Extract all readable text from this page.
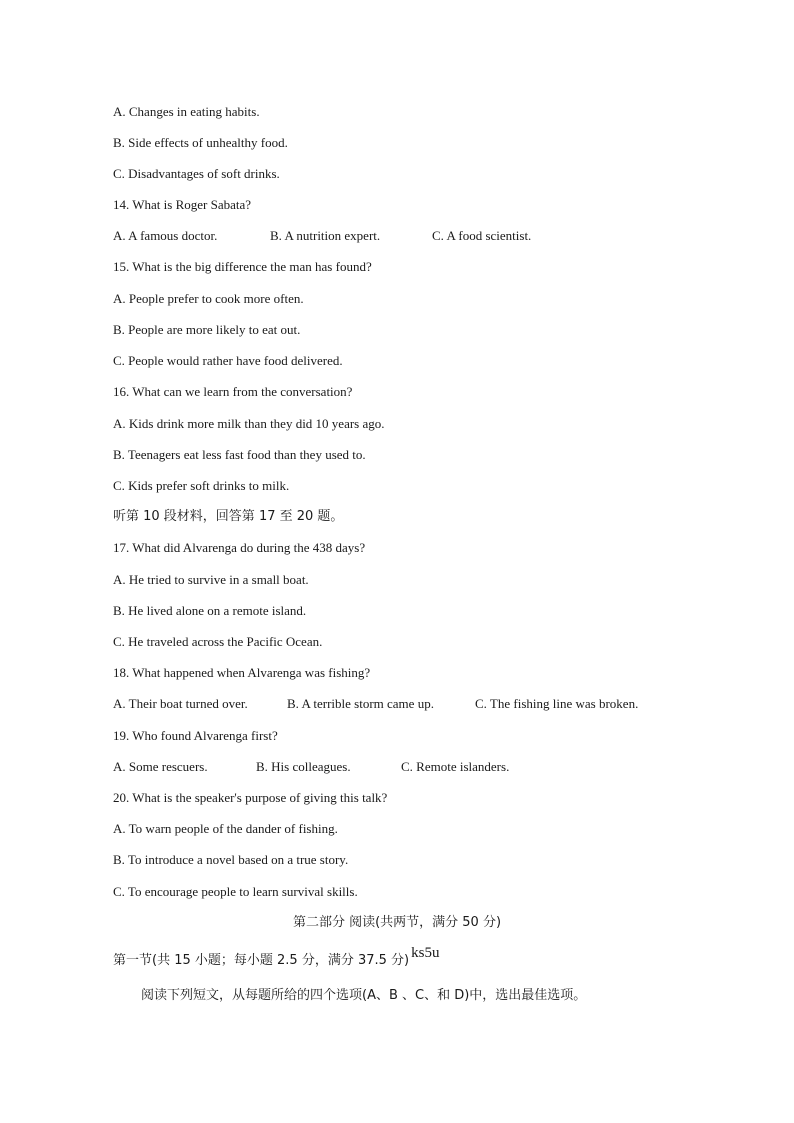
A. Changes in eating habits.
B. Side effects of unhealthy food.
C. Disadvantages of soft drinks.
14. What is Roger Sabata?
A. A famous doctor.	B. A nutrition expert.	C. A food scientist.
15. What is the big difference the man has found?
A. People prefer to cook more often.
B. People are more likely to eat out.
C. People would rather have food delivered.
16. What can we learn from the conversation?
A. Kids drink more milk than they did 10 years ago.
B. Teenagers eat less fast food than they used to.
C. Kids prefer soft drinks to milk.
听第 10 段材料，回答第 17 至 20 题。
17. What did Alvarenga do during the 438 days?
A. He tried to survive in a small boat.
B. He lived alone on a remote island.
C. He traveled across the Pacific Ocean.
18. What happened when Alvarenga was fishing?
A. Their boat turned over.	B. A terrible storm came up.	C. The fishing line was broken.
19. Who found Alvarenga first?
A. Some rescuers.	B. His colleagues.	C. Remote islanders.
20. What is the speaker's purpose of giving this talk?
A. To warn people of the dander of fishing.
B. To introduce a novel based on a true story.
C. To encourage people to learn survival skills.
第二部分 阅读(共两节，满分 50 分)
第一节(共 15 小题；每小题 2.5 分，满分 37.5 分) ks5u
阅读下列短文，从每题所给的四个选项(A、B 、C、和 D)中，选出最佳选项。
